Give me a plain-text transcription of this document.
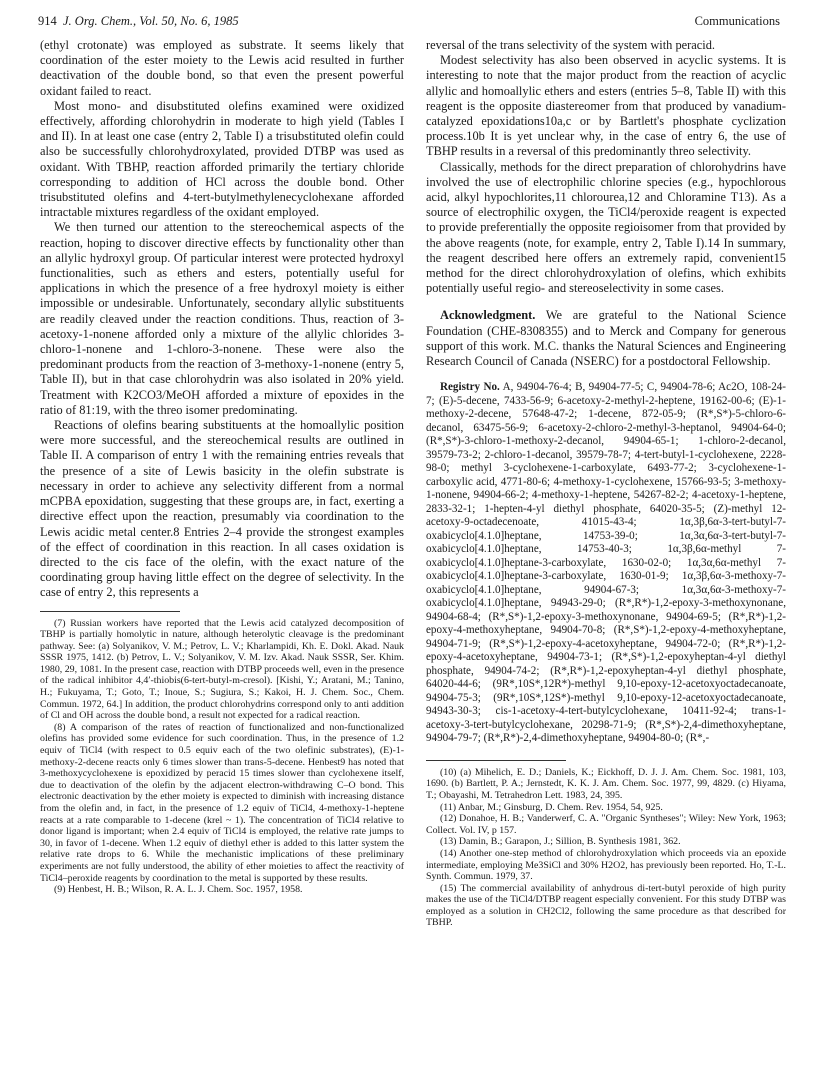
914 J. Org. Chem., Vol. 50, No. 6, 1985	Communications

(ethyl crotonate) was employed as substrate. It seems likely that coordination of the ester moiety to the Lewis acid resulted in further deactivation of the double bond, so that even the present powerful oxidant failed to react.

Most mono- and disubstituted olefins examined were oxidized effectively, affording chlorohydrin in moderate to high yield (Tables I and II). In at least one case (entry 2, Table I) a trisubstituted olefin could also be successfully chlorohydroxylated, provided DTBP was used as oxidant. With TBHP, reaction afforded primarily the tertiary chloride corresponding to addition of HCl across the double bond. Other trisubstituted olefins and 4-tert-butylmethylenecyclohexane afforded intractable mixtures regardless of the oxidant employed.

We then turned our attention to the stereochemical aspects of the reaction, hoping to discover directive effects by functionality other than an allylic hydroxyl group. Of particular interest were protected hydroxyl functionalities, such as ethers and esters, potentially useful for applications in which the presence of a free hydroxyl moiety is either impossible or undesirable. Unfortunately, secondary allylic substituents are readily cleaved under the reaction conditions. Thus, reaction of 3-acetoxy-1-nonene afforded only a mixture of the allylic chlorides 3-chloro-1-nonene and 1-chloro-3-nonene. These were also the predominant products from the reaction of 3-methoxy-1-nonene (entry 5, Table II), but in that case chlorohydrin was also isolated in 20% yield. Treatment with K2CO3/MeOH afforded a mixture of epoxides in the ratio of 81:19, with the threo isomer predominating.

Reactions of olefins bearing substituents at the homoallylic position were more successful, and the stereochemical results are outlined in Table II. A comparison of entry 1 with the remaining entries reveals that the presence of a site of Lewis basicity in the olefin substrate is necessary in order to achieve any selectivity different from a normal mCPBA epoxidation, suggesting that these groups are, in fact, exerting a directive effect upon the reaction, presumably via coordination to the Lewis acidic metal center.8 Entries 2–4 provide the strongest examples of the effect of coordination in this reaction. In all cases oxidation is directed to the cis face of the olefin, with the exact nature of the coordinating group having little effect on the degree of selectivity. In the case of entry 2, this represents a

(7) Russian workers have reported that the Lewis acid catalyzed decomposition of TBHP is partially homolytic in nature, although heterolytic cleavage is the predominant pathway. See: (a) Solyanikov, V. M.; Petrov, L. V.; Kharlampidi, Kh. E. Dokl. Akad. Nauk SSSR 1975, 1412. (b) Petrov, L. V.; Solyanikov, V. M. Izv. Akad. Nauk SSSR, Ser. Khim. 1980, 29, 1081. In the present case, reaction with DTBP proceeds well, even in the presence of the radical inhibitor 4,4′-thiobis(6-tert-butyl-m-cresol). [Kishi, Y.; Aratani, M.; Tanino, H.; Fukuyama, T.; Goto, T.; Inoue, S.; Sugiura, S.; Kakoi, H. J. Chem. Soc., Chem. Commun. 1972, 64.] In addition, the product chlorohydrins correspond only to anti addition of Cl and OH across the double bond, a result not expected for a radical reaction.

(8) A comparison of the rates of reaction of functionalized and non-functionalized olefins has provided some evidence for such coordination. Thus, in the presence of 1.2 equiv of TiCl4 (with respect to 0.5 equiv each of the two olefinic substrates), (E)-1-methoxy-2-decene reacts only 6 times slower than trans-5-decene. Henbest9 has noted that 3-methoxycyclohexene is epoxidized by peracid 15 times slower than cyclohexene itself, due to deactivation of the olefin by the adjacent electron-withdrawing C–O bond. This electronic deactivation by the ether moiety is expected to diminish with increasing distance from the olefin and, in fact, in the presence of 1.2 equiv of TiCl4, 4-methoxy-1-heptene reacts at a rate comparable to 1-decene (krel ~ 1). The concentration of TiCl4 relative to donor ligand is important; when 2.4 equiv of TiCl4 is employed, the relative rate jumps to 30, in favor of 1-decene. When 1.2 equiv of diethyl ether is added to this latter system the relative rate drops to 6. While the mechanistic implications of these preliminary experiments are not fully understood, the ability of ether moieties to affect the reactivity of TiCl4–peroxide reagents by coordination to the metal is supported by these results.

(9) Henbest, H. B.; Wilson, R. A. L. J. Chem. Soc. 1957, 1958.

reversal of the trans selectivity of the system with peracid.

Modest selectivity has also been observed in acyclic systems. It is interesting to note that the major product from the reaction of acyclic allylic and homoallylic ethers and esters (entries 5–8, Table II) with this reagent is the opposite diastereomer from that produced by vanadium-catalyzed epoxidations10a,c or by Bartlett's phosphate cyclization process.10b It is yet unclear why, in the case of entry 6, the use of TBHP results in a reversal of this predominantly threo selectivity.

Classically, methods for the direct preparation of chlorohydrins have involved the use of electrophilic chlorine species (e.g., hypochlorous acid, alkyl hypochlorites,11 chlorourea,12 and Chloramine T13). As a source of electrophilic oxygen, the TiCl4/peroxide reagent is expected to provide preferentially the opposite regioisomer from that provided by the above reagents (note, for example, entry 2, Table I).14 In summary, the reagent described here offers an extremely rapid, convenient15 method for the direct chlorohydroxylation of olefins, which exhibits potentially useful regio- and stereoselectivity in some cases.

Acknowledgment. We are grateful to the National Science Foundation (CHE-8308355) and to Merck and Company for generous support of this work. M.C. thanks the Natural Sciences and Engineering Research Council of Canada (NSERC) for a postdoctoral Fellowship.

Registry No. A, 94904-76-4; B, 94904-77-5; C, 94904-78-6; Ac2O, 108-24-7; (E)-5-decene, 7433-56-9; 6-acetoxy-2-methyl-2-heptene, 19162-00-6; (E)-1-methoxy-2-decene, 57648-47-2; 1-decene, 872-05-9; (R*,S*)-5-chloro-6-decanol, 63475-56-9; 6-acetoxy-2-chloro-2-methyl-3-heptanol, 94904-64-0; (R*,S*)-3-chloro-1-methoxy-2-decanol, 94904-65-1; 1-chloro-2-decanol, 39579-73-2; 2-chloro-1-decanol, 39579-78-7; 4-tert-butyl-1-cyclohexene, 2228-98-0; methyl 3-cyclohexene-1-carboxylate, 6493-77-2; 3-cyclohexene-1-carboxylic acid, 4771-80-6; 4-methoxy-1-cyclohexene, 15766-93-5; 3-methoxy-1-nonene, 94904-66-2; 4-methoxy-1-heptene, 54267-82-2; 4-acetoxy-1-heptene, 2833-32-1; 1-hepten-4-yl diethyl phosphate, 64020-35-5; (Z)-methyl 12-acetoxy-9-octadecenoate, 41015-43-4; 1α,3β,6α-3-tert-butyl-7-oxabicyclo[4.1.0]heptane, 14753-39-0; 1α,3α,6α-3-tert-butyl-7-oxabicyclo[4.1.0]heptane, 14753-40-3; 1α,3β,6α-methyl 7-oxabicyclo[4.1.0]heptane-3-carboxylate, 1630-02-0; 1α,3α,6α-methyl 7-oxabicyclo[4.1.0]heptane-3-carboxylate, 1630-01-9; 1α,3β,6α-3-methoxy-7-oxabicyclo[4.1.0]heptane, 94904-67-3; 1α,3α,6α-3-methoxy-7-oxabicyclo[4.1.0]heptane, 94943-29-0; (R*,R*)-1,2-epoxy-3-methoxynonane, 94904-68-4; (R*,S*)-1,2-epoxy-3-methoxynonane, 94904-69-5; (R*,R*)-1,2-epoxy-4-methoxyheptane, 94904-70-8; (R*,S*)-1,2-epoxy-4-methoxyheptane, 94904-71-9; (R*,S*)-1,2-epoxy-4-acetoxyheptane, 94904-72-0; (R*,R*)-1,2-epoxy-4-acetoxyheptane, 94904-73-1; (R*,S*)-1,2-epoxyheptan-4-yl diethyl phosphate, 94904-74-2; (R*,R*)-1,2-epoxyheptan-4-yl diethyl phosphate, 64020-44-6; (9R*,10S*,12R*)-methyl 9,10-epoxy-12-acetoxyoctadecanoate, 94904-75-3; (9R*,10S*,12S*)-methyl 9,10-epoxy-12-acetoxyoctadecanoate, 94943-30-3; cis-1-acetoxy-4-tert-butylcyclohexane, 10411-92-4; trans-1-acetoxy-3-tert-butylcyclohexane, 20298-71-9; (R*,S*)-2,4-dimethoxyheptane, 94904-79-7; (R*,R*)-2,4-dimethoxyheptane, 94904-80-0; (R*,-

(10) (a) Mihelich, E. D.; Daniels, K.; Eickhoff, D. J. J. Am. Chem. Soc. 1981, 103, 1690. (b) Bartlett, P. A.; Jernstedt, K. K. J. Am. Chem. Soc. 1977, 99, 4829. (c) Hiyama, T.; Obayashi, M. Tetrahedron Lett. 1983, 24, 395.

(11) Anbar, M.; Ginsburg, D. Chem. Rev. 1954, 54, 925.

(12) Donahoe, H. B.; Vanderwerf, C. A. "Organic Syntheses"; Wiley: New York, 1963; Collect. Vol. IV, p 157.

(13) Damin, B.; Garapon, J.; Sillion, B. Synthesis 1981, 362.

(14) Another one-step method of chlorohydroxylation which proceeds via an epoxide intermediate, employing Me3SiCl and 30% H2O2, has previously been reported. Ho, T.-L. Synth. Commun. 1979, 37.

(15) The commercial availability of anhydrous di-tert-butyl peroxide of high purity makes the use of the TiCl4/DTBP reagent especially convenient. For this study DTBP was employed as a solution in CH2Cl2, following the same procedure as that described for TBHP.
